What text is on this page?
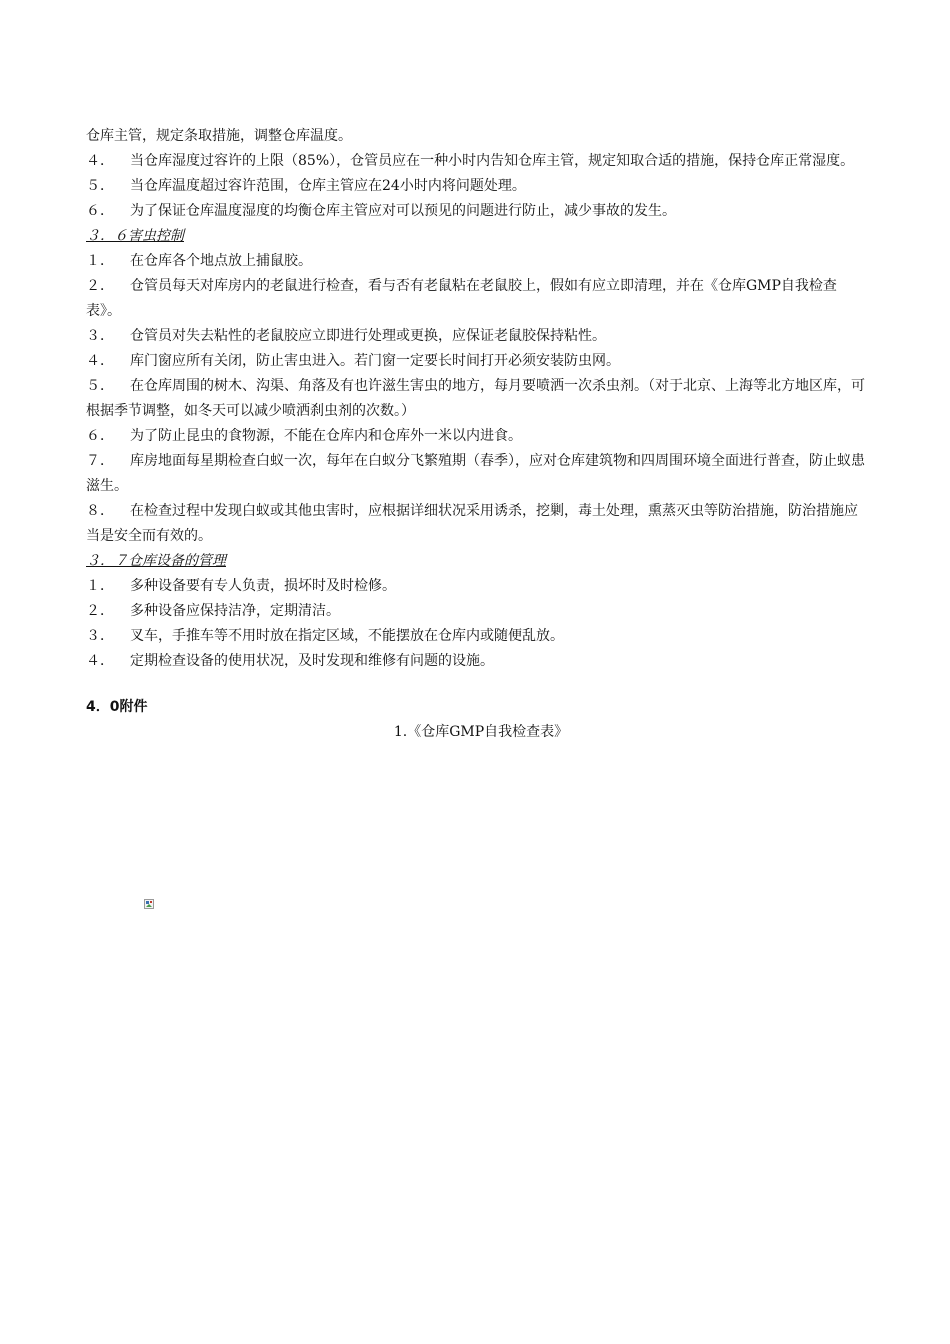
仓库主管，规定条取措施，调整仓库温度。

４． 当仓库湿度过容许的上限（85%），仓管员应在一种小时内告知仓库主管，规定知取合适的措施，保持仓库正常湿度。

５． 当仓库温度超过容许范围，仓库主管应在24小时内将问题处理。

６． 为了保证仓库温度湿度的均衡仓库主管应对可以预见的问题进行防止，减少事故的发生。

３．６害虫控制

１． 在仓库各个地点放上捕鼠胶。

２． 仓管员每天对库房内的老鼠进行检查，看与否有老鼠粘在老鼠胶上，假如有应立即清理，并在《仓库GMP自我检查表》。

３． 仓管员对失去粘性的老鼠胶应立即进行处理或更换，应保证老鼠胶保持粘性。

４． 库门窗应所有关闭，防止害虫进入。若门窗一定要长时间打开必须安装防虫网。

５． 在仓库周围的树木、沟渠、角落及有也许滋生害虫的地方，每月要喷洒一次杀虫剂。（对于北京、上海等北方地区库，可根据季节调整，如冬天可以减少喷洒刹虫剂的次数。）

６． 为了防止昆虫的食物源，不能在仓库内和仓库外一米以内进食。

７． 库房地面每星期检查白蚁一次，每年在白蚁分飞繁殖期（春季），应对仓库建筑物和四周围环境全面进行普查，防止蚁患滋生。

８． 在检查过程中发现白蚁或其他虫害时，应根据详细状况采用诱杀，挖剿，毒土处理，熏蒸灭虫等防治措施，防治措施应当是安全而有效的。

３．７仓库设备的管理

１． 多种设备要有专人负责，损坏时及时检修。

２． 多种设备应保持洁净，定期清洁。

３． 叉车，手推车等不用时放在指定区域，不能摆放在仓库内或随便乱放。

４． 定期检查设备的使用状况，及时发现和维修有问题的设施。

4．0附件

1.《仓库GMP自我检查表》
